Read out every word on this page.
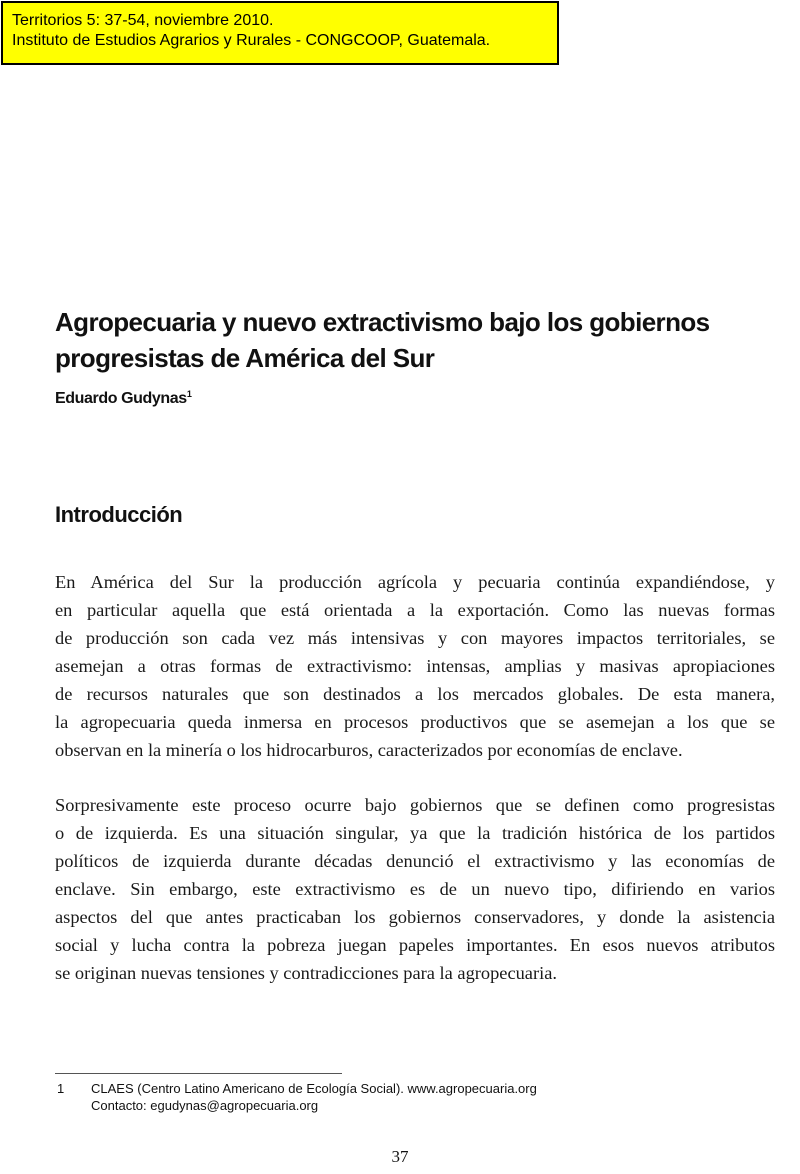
Territorios 5: 37-54, noviembre 2010.
Instituto de Estudios Agrarios y Rurales - CONGCOOP, Guatemala.
Agropecuaria y nuevo extractivismo bajo los gobiernos
progresistas de América del Sur
Eduardo Gudynas$^1$
Introducción

En América del Sur la producción agrícola y pecuaria continúa expandiéndose, y
en particular aquella que está orientada a la exportación. Como las nuevas formas
de producción son cada vez más intensivas y con mayores impactos territoriales, se
asemejan a otras formas de extractivismo: intensas, amplias y masivas apropiaciones
de recursos naturales que son destinados a los mercados globales. De esta manera,
la agropecuaria queda inmersa en procesos productivos que se asemejan a los que se
observan en la minería o los hidrocarburos, caracterizados por economías de enclave.

Sorpresivamente este proceso ocurre bajo gobiernos que se definen como progresistas
o de izquierda. Es una situación singular, ya que la tradición histórica de los partidos
políticos de izquierda durante décadas denunció el extractivismo y las economías de
enclave. Sin embargo, este extractivismo es de un nuevo tipo, difiriendo en varios
aspectos del que antes practicaban los gobiernos conservadores, y donde la asistencia
social y lucha contra la pobreza juegan papeles importantes. En esos nuevos atributos
se originan nuevas tensiones y contradicciones para la agropecuaria.

1 CLAES (Centro Latino Americano de Ecología Social). www.agropecuaria.org
Contacto: egudynas@agropecuaria.org
37
